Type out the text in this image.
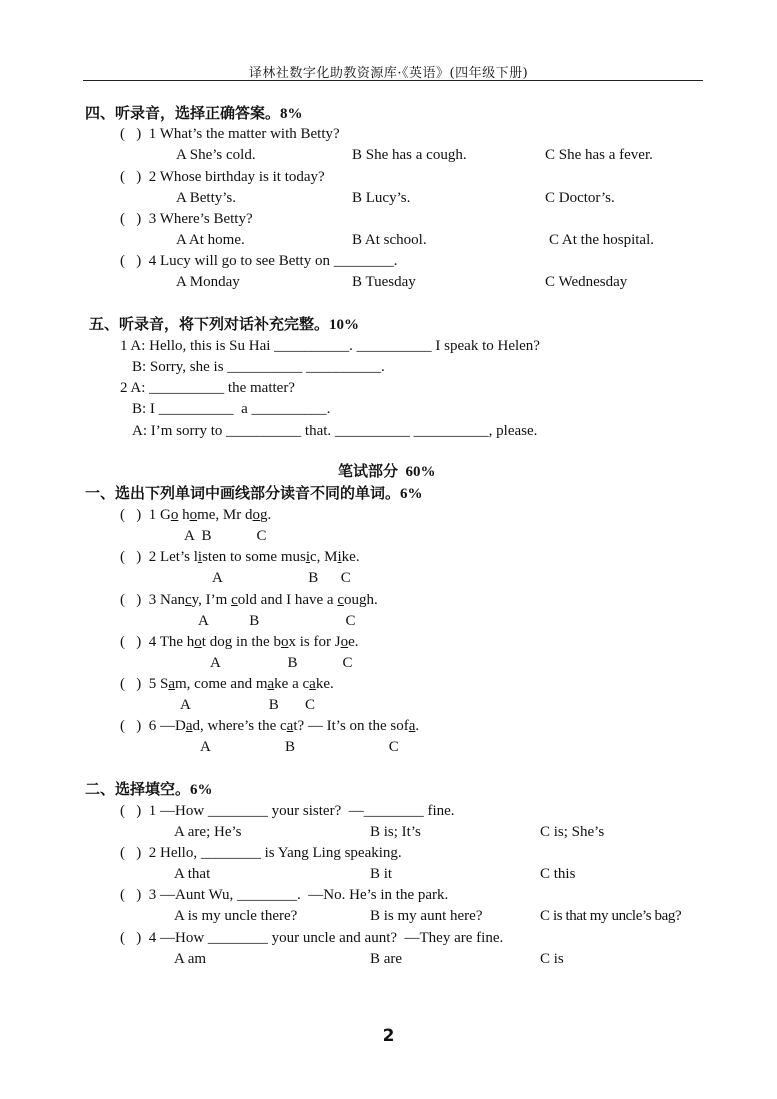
译林社数字化助教资源库·《英语》(四年级下册)
四、听录音，选择正确答案。8%
(   )  1 What’s the matter with Betty?
A She’s cold.	B She has a cough.	C She has a fever.
(   )  2 Whose birthday is it today?
A Betty’s.	B Lucy’s.	C Doctor’s.
(   )  3 Where’s Betty?
A At home.	B At school.	C At the hospital.
(   )  4 Lucy will go to see Betty on ________.
A Monday	B Tuesday	C Wednesday
五、听录音，将下列对话补充完整。10%
1 A: Hello, this is Su Hai __________. __________ I speak to Helen?
B: Sorry, she is __________ __________.
2 A: __________ the matter?
B: I __________  a __________.
A: I’m sorry to __________ that. __________ __________, please.
笔试部分  60%
一、选出下列单词中画线部分读音不同的单词。6%
(   )  1 Go home, Mr dog.
A  B            C
(   )  2 Let’s listen to some music, Mike.
A                       B      C
(   )  3 Nancy, I’m cold and I have a cough.
A           B                       C
(   )  4 The hot dog in the box is for Joe.
A                  B            C
(   )  5 Sam, come and make a cake.
A                     B       C
(   )  6 —Dad, where’s the cat? — It’s on the sofa.
A                    B                         C
二、选择填空。6%
(   )  1 —How ________ your sister?  —________ fine.
A are; He’s	B is; It’s	C is; She’s
(   )  2 Hello, ________ is Yang Ling speaking.
A that	B it	C this
(   )  3 —Aunt Wu, ________.  —No. He’s in the park.
A is my uncle there?	B is my aunt here?	C is that my uncle’s bag?
(   )  4 —How ________ your uncle and aunt?  —They are fine.
A am	B are	C is
2
